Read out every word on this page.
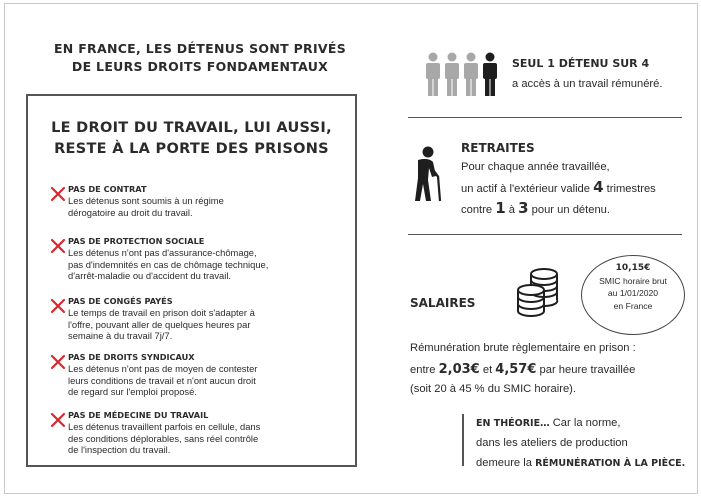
EN FRANCE, LES DÉTENUS SONT PRIVÉS
DE LEURS DROITS FONDAMENTAUX
LE DROIT DU TRAVAIL, LUI AUSSI,
RESTE À LA PORTE DES PRISONS
PAS DE CONTRAT
Les détenus sont soumis à un régime
dérogatoire au droit du travail.
PAS DE PROTECTION SOCIALE
Les détenus n'ont pas d'assurance-chômage,
pas d'indemnités en cas de chômage technique,
d'arrêt-maladie ou d'accident du travail.
PAS DE CONGÉS PAYÉS
Le temps de travail en prison doit s'adapter à
l'offre, pouvant aller de quelques heures par
semaine à du travail 7j/7.
PAS DE DROITS SYNDICAUX
Les détenus n'ont pas de moyen de contester
leurs conditions de travail et n'ont aucun droit
de regard sur l'emploi proposé.
PAS DE MÉDECINE DU TRAVAIL
Les détenus travaillent parfois en cellule, dans
des conditions déplorables, sans réel contrôle
de l'inspection du travail.
SEUL 1 DÉTENU SUR 4
a accès à un travail rémunéré.
RETRAITES
Pour chaque année travaillée,
un actif à l'extérieur valide 4 trimestres
contre 1 à 3 pour un détenu.
SALAIRES
10,15€
SMIC horaire brut
au 1/01/2020
en France
Rémunération brute règlementaire en prison :
entre 2,03€ et 4,57€ par heure travaillée
(soit 20 à 45 % du SMIC horaire).
EN THÉORIE… Car la norme,
dans les ateliers de production
demeure la RÉMUNÉRATION À LA PIÈCE.
